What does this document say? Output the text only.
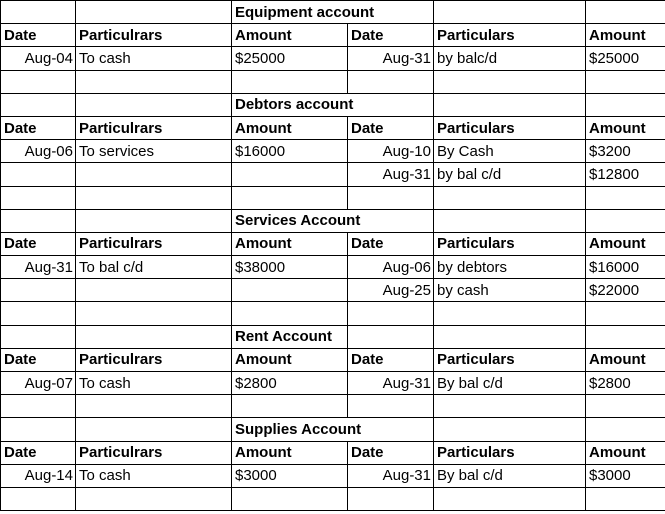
		Equipment account			
Date	Particulrars	Amount	Date	Particulars	Amount
Aug-04	To cash	$25000	Aug-31	by balc/d	$25000

		Debtors account			
Date	Particulrars	Amount	Date	Particulars	Amount
Aug-06	To services	$16000	Aug-10	By Cash	$3200
			Aug-31	by bal c/d	$12800

		Services Account			
Date	Particulrars	Amount	Date	Particulars	Amount
Aug-31	To bal c/d	$38000	Aug-06	by debtors	$16000
			Aug-25	by cash	$22000

		Rent Account			
Date	Particulrars	Amount	Date	Particulars	Amount
Aug-07	To cash	$2800	Aug-31	By bal c/d	$2800

		Supplies Account			
Date	Particulrars	Amount	Date	Particulars	Amount
Aug-14	To cash	$3000	Aug-31	By bal c/d	$3000
